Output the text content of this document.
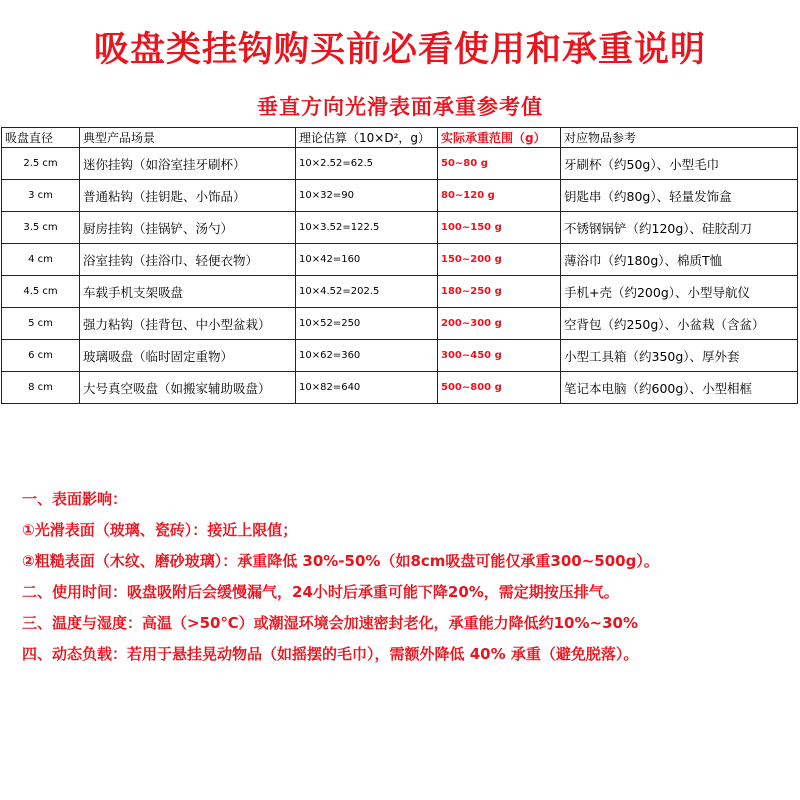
吸盘类挂钩购买前必看使用和承重说明
垂直方向光滑表面承重参考值
吸盘直径	典型产品场景	理论估算（10×D²，g）	实际承重范围（g）	对应物品参考
2.5 cm	迷你挂钩（如浴室挂牙刷杯）	10×2.52=62.5	50~80 g	牙刷杯（约50g）、小型毛巾
3 cm	普通粘钩（挂钥匙、小饰品）	10×32=90	80~120 g	钥匙串（约80g）、轻量发饰盒
3.5 cm	厨房挂钩（挂锅铲、汤勺）	10×3.52=122.5	100~150 g	不锈钢锅铲（约120g）、硅胶刮刀
4 cm	浴室挂钩（挂浴巾、轻便衣物）	10×42=160	150~200 g	薄浴巾（约180g）、棉质T恤
4.5 cm	车载手机支架吸盘	10×4.52=202.5	180~250 g	手机+壳（约200g）、小型导航仪
5 cm	强力粘钩（挂背包、中小型盆栽）	10×52=250	200~300 g	空背包（约250g）、小盆栽（含盆）
6 cm	玻璃吸盘（临时固定重物）	10×62=360	300~450 g	小型工具箱（约350g）、厚外套
8 cm	大号真空吸盘（如搬家辅助吸盘）	10×82=640	500~800 g	笔记本电脑（约600g）、小型相框
一、表面影响：
①光滑表面（玻璃、瓷砖）：接近上限值；
②粗糙表面（木纹、磨砂玻璃）：承重降低 30%-50%（如8cm吸盘可能仅承重300~500g）。
二、使用时间：吸盘吸附后会缓慢漏气，24小时后承重可能下降20%，需定期按压排气。
三、温度与湿度：高温（>50℃）或潮湿环境会加速密封老化，承重能力降低约10%~30%
四、动态负载：若用于悬挂晃动物品（如摇摆的毛巾），需额外降低 40% 承重（避免脱落）。
